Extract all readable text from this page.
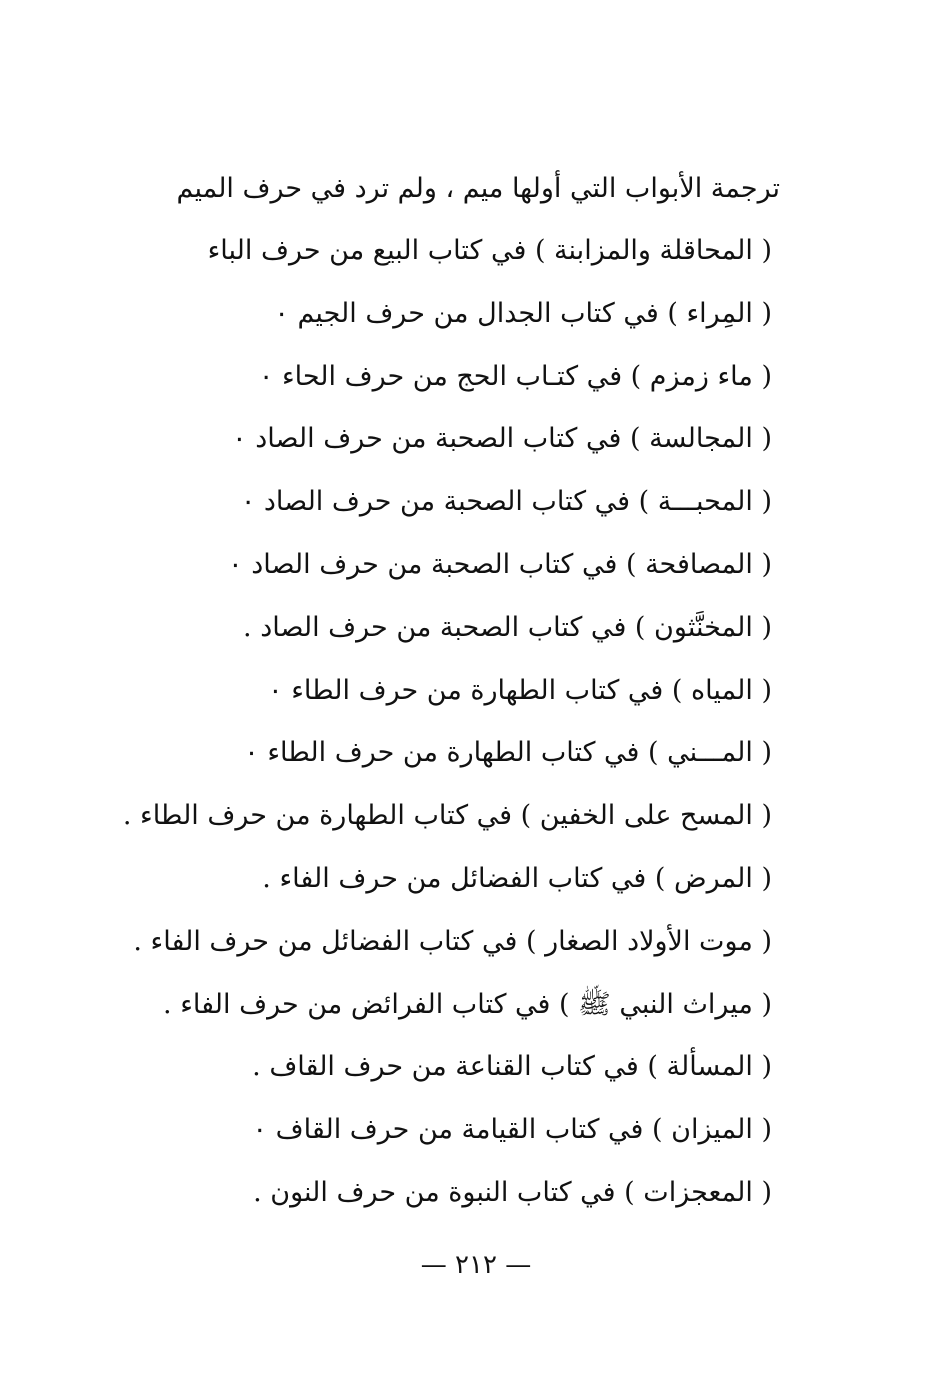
ترجمة الأبواب التي أولها ميم ، ولم ترد في حرف الميم
( المحاقلة والمزابنة ) في كتاب البيع من حرف الباء
( المِراء ) في كتاب الجدال من حرف الجيم ٠
( ماء زمزم ) في كتـاب الحج من حرف الحاء ٠
( المجالسة ) في كتاب الصحبة من حرف الصاد ٠
( المحبـــة ) في كتاب الصحبة من حرف الصاد ٠
( المصافحة ) في كتاب الصحبة من حرف الصاد ٠
( المخنَّثون ) في كتاب الصحبة من حرف الصاد .
( المياه ) في كتاب الطهارة من حرف الطاء ٠
( المـــني ) في كتاب الطهارة من حرف الطاء ٠
( المسح على الخفين ) في كتاب الطهارة من حرف الطاء .
( المرض ) في كتاب الفضائل من حرف الفاء .
( موت الأولاد الصغار ) في كتاب الفضائل من حرف الفاء .
( ميراث النبي ﷺ ) في كتاب الفرائض من حرف الفاء .
( المسألة ) في كتاب القناعة من حرف القاف .
( الميزان ) في كتاب القيامة من حرف القاف ٠
( المعجزات ) في كتاب النبوة من حرف النون .
— ٢١٢ —
